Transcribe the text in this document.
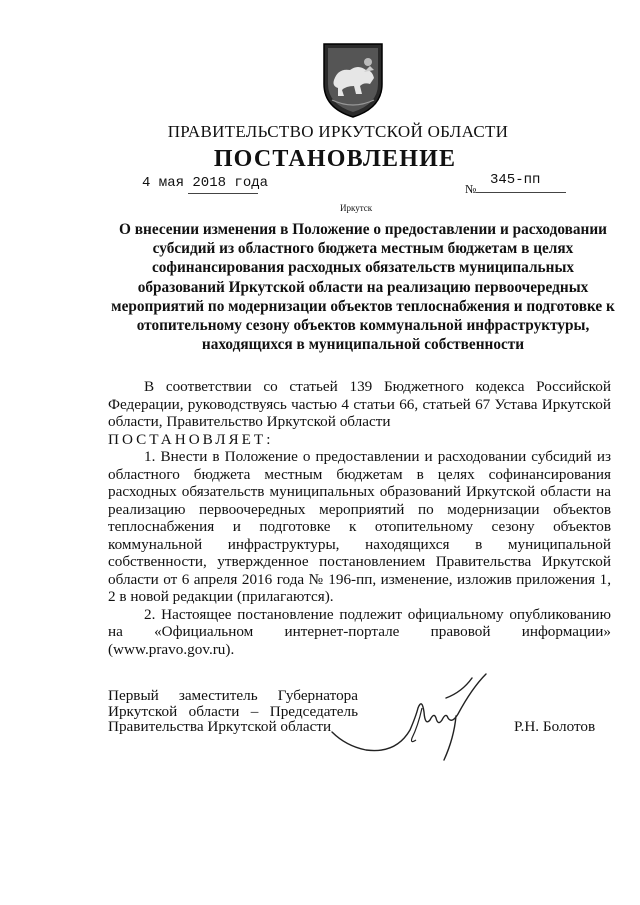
ПРАВИТЕЛЬСТВО ИРКУТСКОЙ ОБЛАСТИ
ПОСТАНОВЛЕНИЕ
4 мая 2018 года	№
345-пп
Иркутск
О внесении изменения в Положение о предоставлении и расходовании субсидий из областного бюджета местным бюджетам в целях софинансирования расходных обязательств муниципальных образований Иркутской области на реализацию первоочередных мероприятий по модернизации объектов теплоснабжения и подготовке к отопительному сезону объектов коммунальной инфраструктуры, находящихся в муниципальной собственности

В соответствии со статьей 139 Бюджетного кодекса Российской Федерации, руководствуясь частью 4 статьи 66, статьей 67 Устава Иркутской области, Правительство Иркутской области

ПОСТАНОВЛЯЕТ:

1. Внести в Положение о предоставлении и расходовании субсидий из областного бюджета местным бюджетам в целях софинансирования расходных обязательств муниципальных образований Иркутской области на реализацию первоочередных мероприятий по модернизации объектов теплоснабжения и подготовке к отопительному сезону объектов коммунальной инфраструктуры, находящихся в муниципальной собственности, утвержденное постановлением Правительства Иркутской области от 6 апреля 2016 года № 196-пп, изменение, изложив приложения 1, 2 в новой редакции (прилагаются).

2. Настоящее постановление подлежит официальному опубликованию на «Официальном интернет-портале правовой информации»

(www.pravo.gov.ru).

Первый заместитель Губернатора
Иркутской области – Председатель
Правительства Иркутской области	Р.Н. Болотов
